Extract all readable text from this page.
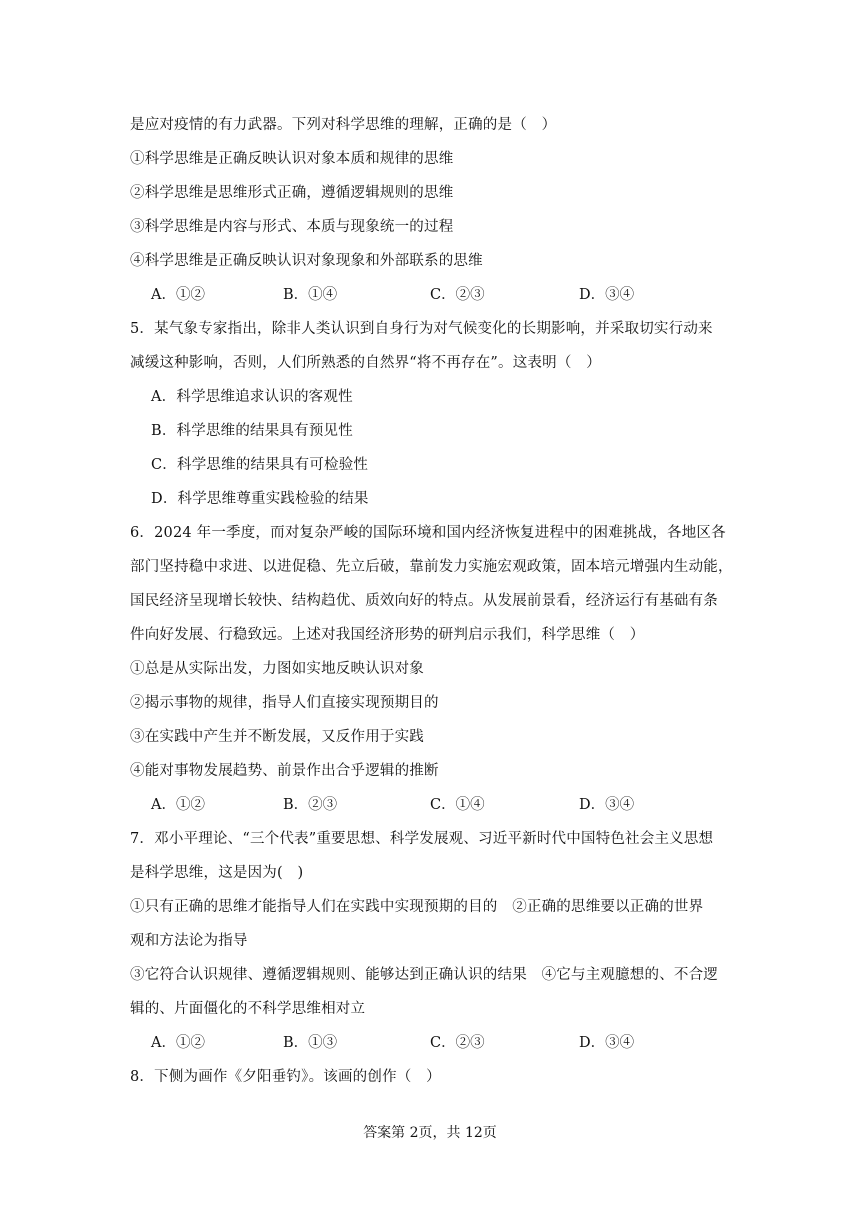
是应对疫情的有力武器。下列对科学思维的理解，正确的是（　）
①科学思维是正确反映认识对象本质和规律的思维
②科学思维是思维形式正确，遵循逻辑规则的思维
③科学思维是内容与形式、本质与现象统一的过程
④科学思维是正确反映认识对象现象和外部联系的思维
A．①②	B．①④	C．②③	D．③④
5．某气象专家指出，除非人类认识到自身行为对气候变化的长期影响，并采取切实行动来
减缓这种影响，否则，人们所熟悉的自然界“将不再存在”。这表明（　）
A．科学思维追求认识的客观性
B．科学思维的结果具有预见性
C．科学思维的结果具有可检验性
D．科学思维尊重实践检验的结果
6．2024 年一季度，而对复杂严峻的国际环境和国内经济恢复进程中的困难挑战，各地区各
部门坚持稳中求进、以进促稳、先立后破，靠前发力实施宏观政策，固本培元增强内生动能，
国民经济呈现增长较快、结构趋优、质效向好的特点。从发展前景看，经济运行有基础有条
件向好发展、行稳致远。上述对我国经济形势的研判启示我们，科学思维（　）
①总是从实际出发，力图如实地反映认识对象
②揭示事物的规律，指导人们直接实现预期目的
③在实践中产生并不断发展，又反作用于实践
④能对事物发展趋势、前景作出合乎逻辑的推断
A．①②	B．②③	C．①④	D．③④
7．邓小平理论、“三个代表”重要思想、科学发展观、习近平新时代中国特色社会主义思想
是科学思维，这是因为(　)
①只有正确的思维才能指导人们在实践中实现预期的目的　②正确的思维要以正确的世界
观和方法论为指导
③它符合认识规律、遵循逻辑规则、能够达到正确认识的结果　④它与主观臆想的、不合逻
辑的、片面僵化的不科学思维相对立
A．①②	B．①③	C．②③	D．③④
8．下侧为画作《夕阳垂钓》。该画的创作（　）
答案第 2页，共 12页
